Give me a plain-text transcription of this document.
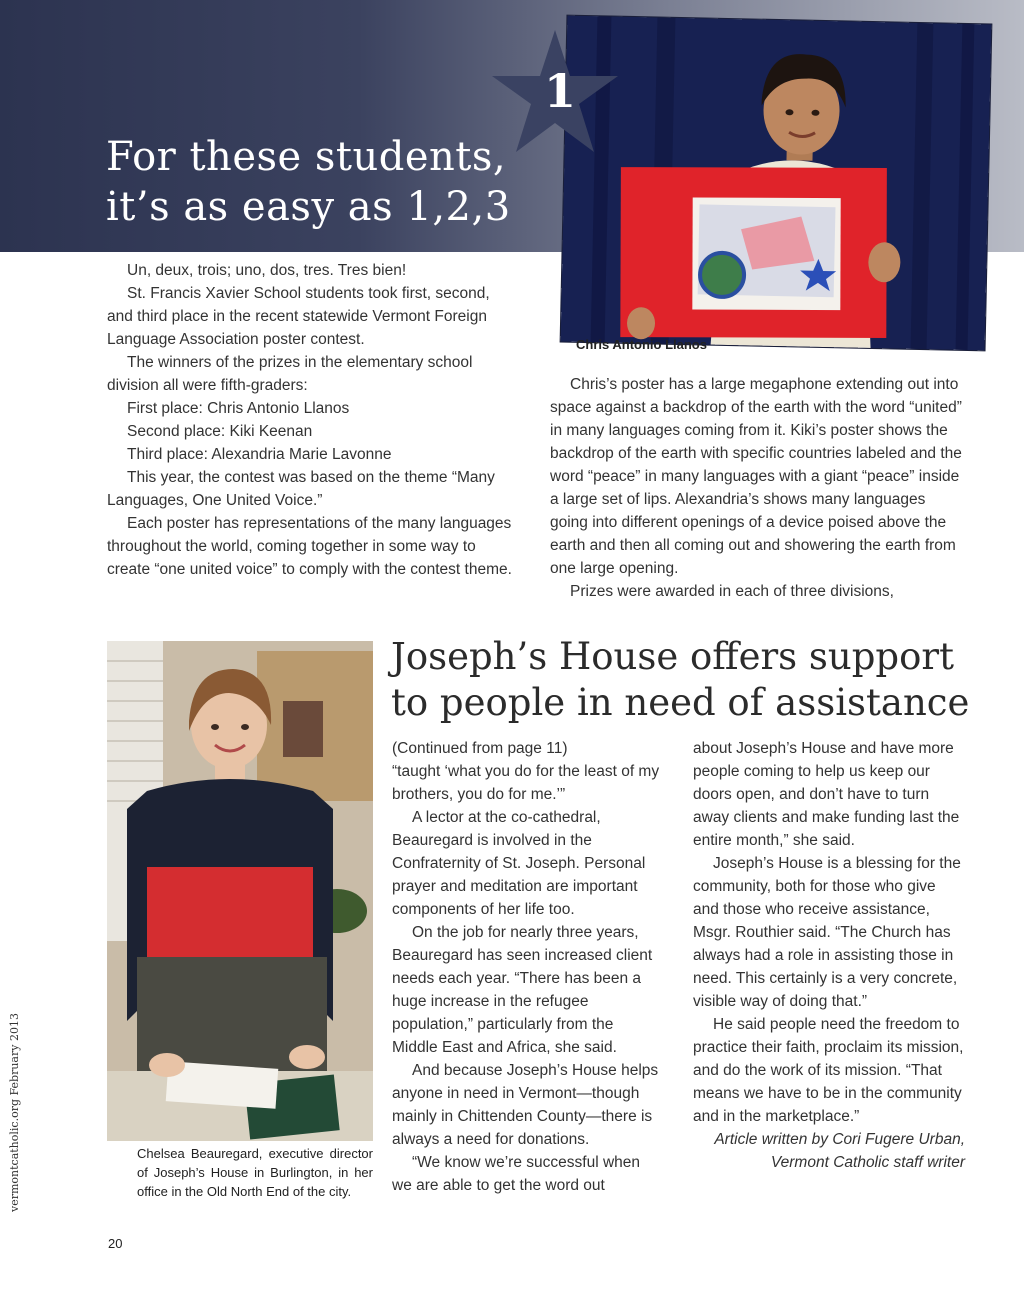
For these students,
it’s as easy as 1,2,3
1
Chris Antonio Llanos

Un, deux, trois; uno, dos, tres. Tres bien!

St. Francis Xavier School students took first, second, and third place in the recent statewide Vermont Foreign Language Association poster contest.

The winners of the prizes in the elementary school division all were fifth-graders:

First place: Chris Antonio Llanos

Second place: Kiki Keenan

Third place: Alexandria Marie Lavonne

This year, the contest was based on the theme “Many Languages, One United Voice.”

Each poster has representations of the many languages throughout the world, coming together in some way to create “one united voice” to comply with the contest theme.

Chris’s poster has a large megaphone extending out into space against a backdrop of the earth with the word “united” in many languages coming from it. Kiki’s poster shows the backdrop of the earth with specific countries labeled and the word “peace” in many languages with a giant “peace” inside a large set of lips. Alexandria’s shows many languages going into different openings of a device poised above the earth and then all coming out and showering the earth from one large opening.

Prizes were awarded in each of three divisions,

Joseph’s House offers support
to people in need of assistance
Chelsea Beauregard, executive director of Joseph’s House in Burlington, in her office in the Old North End of the city.

(Continued from page 11)

“taught ‘what you do for the least of my brothers, you do for me.’”

A lector at the co-cathedral, Beauregard is involved in the Confraternity of St. Joseph. Personal prayer and meditation are important components of her life too.

On the job for nearly three years, Beauregard has seen increased client needs each year. “There has been a huge increase in the refugee population,” particularly from the Middle East and Africa, she said.

And because Joseph’s House helps anyone in need in Vermont—though mainly in Chittenden County—there is always a need for donations.

“We know we’re successful when we are able to get the word out

about Joseph’s House and have more people coming to help us keep our doors open, and don’t have to turn away clients and make funding last the entire month,” she said.

Joseph’s House is a blessing for the community, both for those who give and those who receive assistance, Msgr. Routhier said. “The Church has always had a role in assisting those in need. This certainly is a very concrete, visible way of doing that.”

He said people need the freedom to practice their faith, proclaim its mission, and do the work of its mission. “That means we have to be in the community and in the marketplace.”

Article written by Cori Fugere Urban,

Vermont Catholic staff writer

vermontcatholic.org February 2013
20
